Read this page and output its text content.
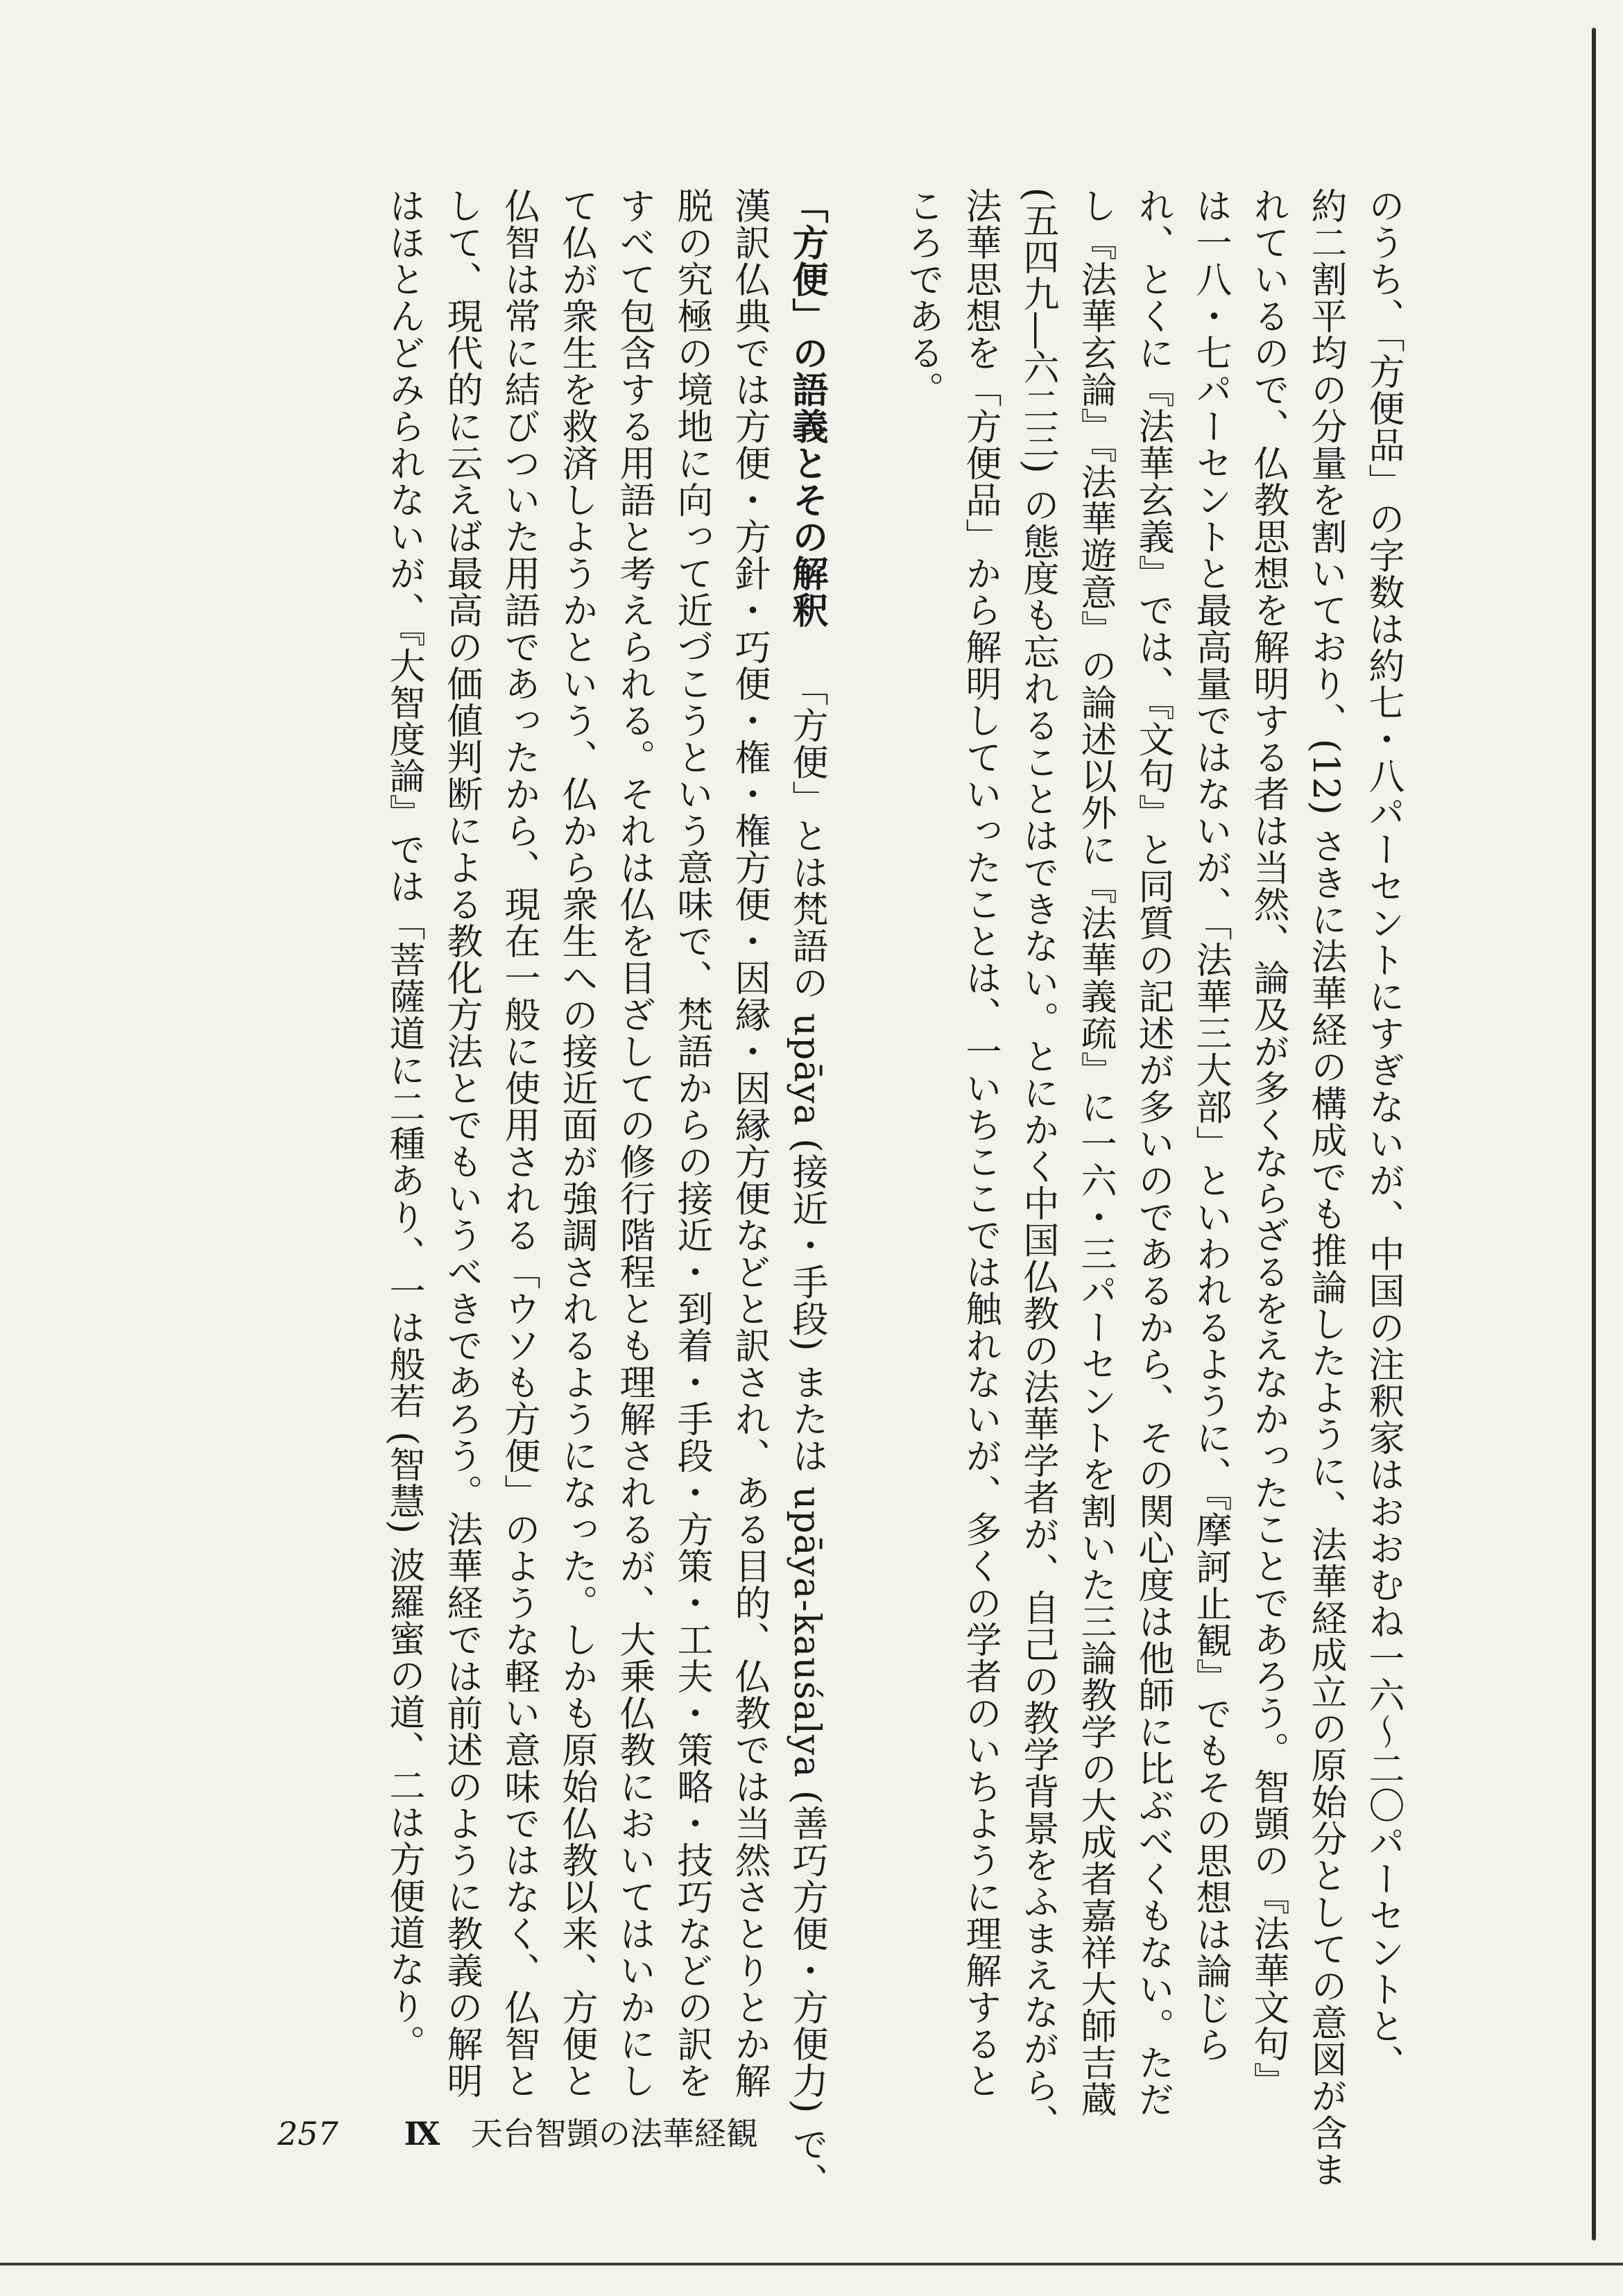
のうち、「方便品」の字数は約七・八パーセントにすぎないが、中国の注釈家はおおむね一六〜二〇パーセントと、
約二割平均の分量を割いており、(12) さきに法華経の構成でも推論したように、法華経成立の原始分としての意図が含ま
れているので、仏教思想を解明する者は当然、論及が多くならざるをえなかったことであろう。智顗の『法華文句』
は一八・七パーセントと最高量ではないが、「法華三大部」といわれるように、『摩訶止観』でもその思想は論じら
れ、とくに『法華玄義』では、『文句』と同質の記述が多いのであるから、その関心度は他師に比ぶべくもない。ただ
し『法華玄論』『法華遊意』の論述以外に『法華義疏』に一六・三パーセントを割いた三論教学の大成者嘉祥大師吉蔵
(五四九―六二三) の態度も忘れることはできない。とにかく中国仏教の法華学者が、自己の教学背景をふまえながら、
法華思想を「方便品」から解明していったことは、一いちここでは触れないが、多くの学者のいちように理解すると
ころである。
「方便」の語義とその解釈「方便」とは梵語の upāya (接近・手段) または upāya-kauśalya (善巧方便・方便力) で、
漢訳仏典では方便・方針・巧便・権・権方便・因縁・因縁方便などと訳され、ある目的、仏教では当然さとりとか解
脱の究極の境地に向って近づこうという意味で、梵語からの接近・到着・手段・方策・工夫・策略・技巧などの訳を
すべて包含する用語と考えられる。それは仏を目ざしての修行階程とも理解されるが、大乗仏教においてはいかにし
て仏が衆生を救済しようかという、仏から衆生への接近面が強調されるようになった。しかも原始仏教以来、方便と
仏智は常に結びついた用語であったから、現在一般に使用される「ウソも方便」のような軽い意味ではなく、仏智と
して、現代的に云えば最高の価値判断による教化方法とでもいうべきであろう。法華経では前述のように教義の解明
はほとんどみられないが、『大智度論』では「菩薩道に二種あり、一は般若 (智慧) 波羅蜜の道、二は方便道なり。
257 Ⅸ 天台智顗の法華経観
